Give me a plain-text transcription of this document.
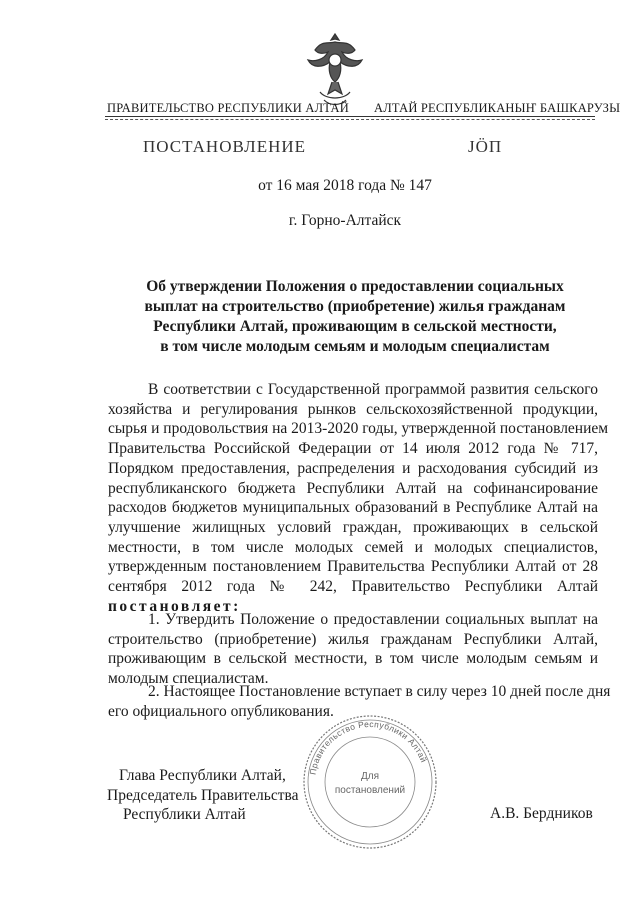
ПРАВИТЕЛЬСТВО РЕСПУБЛИКИ АЛТАЙ АЛТАЙ РЕСПУБЛИКАНЫҤ БАШКАРУЗЫ
ПОСТАНОВЛЕНИЕ	ЈÖП
от 16 мая 2018 года № 147
г. Горно-Алтайск
Об утверждении Положения о предоставлении социальных
выплат на строительство (приобретение) жилья гражданам
Республики Алтай, проживающим в сельской местности,
в том числе молодым семьям и молодым специалистам
В соответствии с Государственной программой развития сельского
хозяйства и регулирования рынков сельскохозяйственной продукции,
сырья и продовольствия на 2013-2020 годы, утвержденной постановлением
Правительства Российской Федерации от 14 июля 2012 года № 717,
Порядком предоставления, распределения и расходования субсидий из
республиканского бюджета Республики Алтай на софинансирование
расходов бюджетов муниципальных образований в Республике Алтай на
улучшение жилищных условий граждан, проживающих в сельской
местности, в том числе молодых семей и молодых специалистов,
утвержденным постановлением Правительства Республики Алтай от 28
сентября 2012 года № 242, Правительство Республики Алтай
постановляет:
1. Утвердить Положение о предоставлении социальных выплат на
строительство (приобретение) жилья гражданам Республики Алтай,
проживающим в сельской местности, в том числе молодым семьям и
молодым специалистам.
2. Настоящее Постановление вступает в силу через 10 дней после дня
его официального опубликования.
Глава Республики Алтай,
Председатель Правительства
Республики Алтай	А.В. Бердников
Правительство Республики Алтай
Для
постановлений
